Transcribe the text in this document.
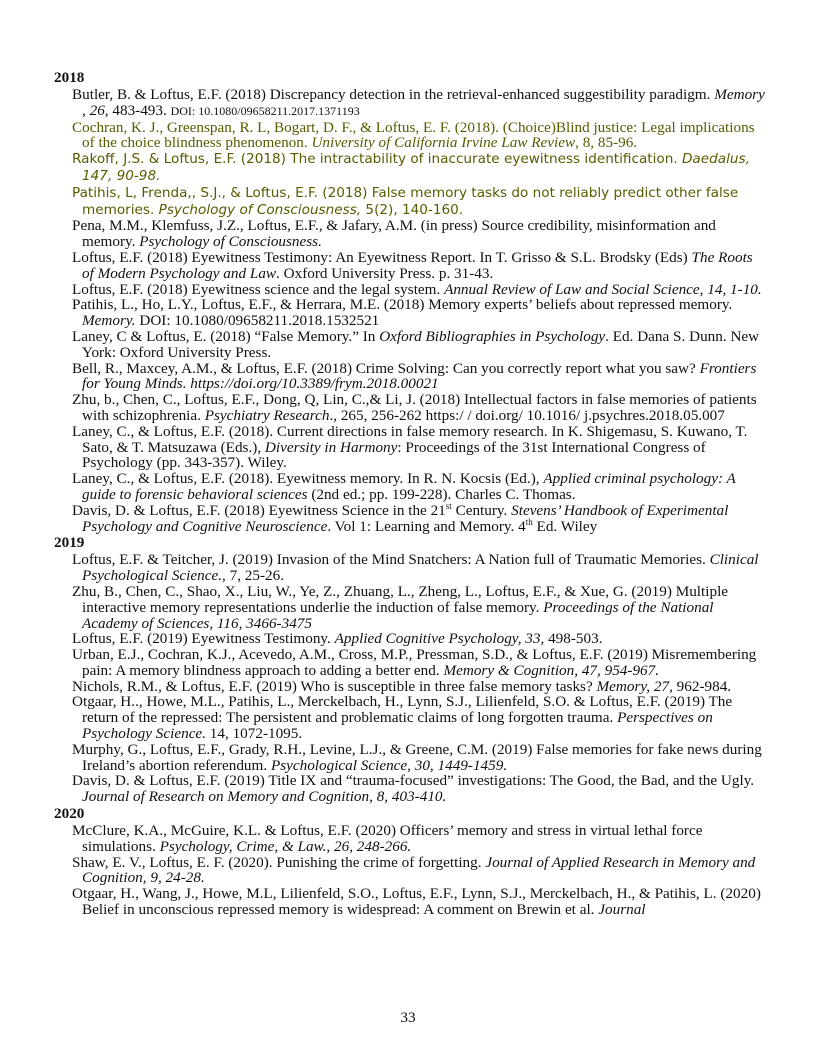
2018
Butler, B. & Loftus, E.F. (2018) Discrepancy detection in the retrieval-enhanced suggestibility paradigm. Memory , 26, 483-493. DOI: 10.1080/09658211.2017.1371193
Cochran, K. J., Greenspan, R. L, Bogart, D. F., & Loftus, E. F. (2018). (Choice)Blind justice: Legal implications of the choice blindness phenomenon. University of California Irvine Law Review, 8, 85-96.
Rakoff, J.S. & Loftus, E.F. (2018) The intractability of inaccurate eyewitness identification. Daedalus, 147, 90-98.
Patihis, L, Frenda,, S.J., & Loftus, E.F. (2018) False memory tasks do not reliably predict other false memories. Psychology of Consciousness, 5(2), 140-160.
Pena, M.M., Klemfuss, J.Z., Loftus, E.F., & Jafary, A.M. (in press) Source credibility, misinformation and memory. Psychology of Consciousness.
Loftus, E.F. (2018) Eyewitness Testimony: An Eyewitness Report. In T. Grisso & S.L. Brodsky (Eds) The Roots of Modern Psychology and Law. Oxford University Press. p. 31-43.
Loftus, E.F. (2018) Eyewitness science and the legal system. Annual Review of Law and Social Science, 14, 1-10.
Patihis, L., Ho, L.Y., Loftus, E.F., & Herrara, M.E. (2018) Memory experts’ beliefs about repressed memory. Memory. DOI: 10.1080/09658211.2018.1532521
Laney, C & Loftus, E. (2018) “False Memory.” In Oxford Bibliographies in Psychology. Ed. Dana S. Dunn. New York: Oxford University Press.
Bell, R., Maxcey, A.M., & Loftus, E.F. (2018) Crime Solving: Can you correctly report what you saw? Frontiers for Young Minds. https://doi.org/10.3389/frym.2018.00021
Zhu, b., Chen, C., Loftus, E.F., Dong, Q, Lin, C.,& Li, J. (2018) Intellectual factors in false memories of patients with schizophrenia. Psychiatry Research., 265, 256-262 https:/ / doi.org/ 10.1016/ j.psychres.2018.05.007
Laney, C., & Loftus, E.F. (2018). Current directions in false memory research. In K. Shigemasu, S. Kuwano, T. Sato, & T. Matsuzawa (Eds.), Diversity in Harmony: Proceedings of the 31st International Congress of Psychology (pp. 343-357). Wiley.
Laney, C., & Loftus, E.F. (2018). Eyewitness memory. In R. N. Kocsis (Ed.), Applied criminal psychology: A guide to forensic behavioral sciences (2nd ed.; pp. 199-228). Charles C. Thomas.
Davis, D. & Loftus, E.F. (2018) Eyewitness Science in the 21st Century. Stevens’ Handbook of Experimental Psychology and Cognitive Neuroscience. Vol 1: Learning and Memory. 4th Ed. Wiley
2019
Loftus, E.F. & Teitcher, J. (2019) Invasion of the Mind Snatchers: A Nation full of Traumatic Memories. Clinical Psychological Science., 7, 25-26.
Zhu, B., Chen, C., Shao, X., Liu, W., Ye, Z., Zhuang, L., Zheng, L., Loftus, E.F., & Xue, G. (2019) Multiple interactive memory representations underlie the induction of false memory. Proceedings of the National Academy of Sciences, 116, 3466-3475
Loftus, E.F. (2019) Eyewitness Testimony. Applied Cognitive Psychology, 33, 498-503.
Urban, E.J., Cochran, K.J., Acevedo, A.M., Cross, M.P., Pressman, S.D., & Loftus, E.F. (2019) Misremembering pain: A memory blindness approach to adding a better end. Memory & Cognition, 47, 954-967.
Nichols, R.M., & Loftus, E.F. (2019) Who is susceptible in three false memory tasks? Memory, 27, 962-984.
Otgaar, H.., Howe, M.L., Patihis, L., Merckelbach, H., Lynn, S.J., Lilienfeld, S.O. & Loftus, E.F. (2019) The return of the repressed: The persistent and problematic claims of long forgotten trauma. Perspectives on Psychology Science. 14, 1072-1095.
Murphy, G., Loftus, E.F., Grady, R.H., Levine, L.J., & Greene, C.M. (2019) False memories for fake news during Ireland’s abortion referendum. Psychological Science, 30, 1449-1459.
Davis, D. & Loftus, E.F. (2019) Title IX and “trauma-focused” investigations: The Good, the Bad, and the Ugly. Journal of Research on Memory and Cognition, 8, 403-410.
2020
McClure, K.A., McGuire, K.L. & Loftus, E.F. (2020) Officers’ memory and stress in virtual lethal force simulations. Psychology, Crime, & Law., 26, 248-266.
Shaw, E. V., Loftus, E. F. (2020). Punishing the crime of forgetting. Journal of Applied Research in Memory and Cognition, 9, 24-28.
Otgaar, H., Wang, J., Howe, M.L, Lilienfeld, S.O., Loftus, E.F., Lynn, S.J., Merckelbach, H., & Patihis, L. (2020) Belief in unconscious repressed memory is widespread: A comment on Brewin et al. Journal
33
